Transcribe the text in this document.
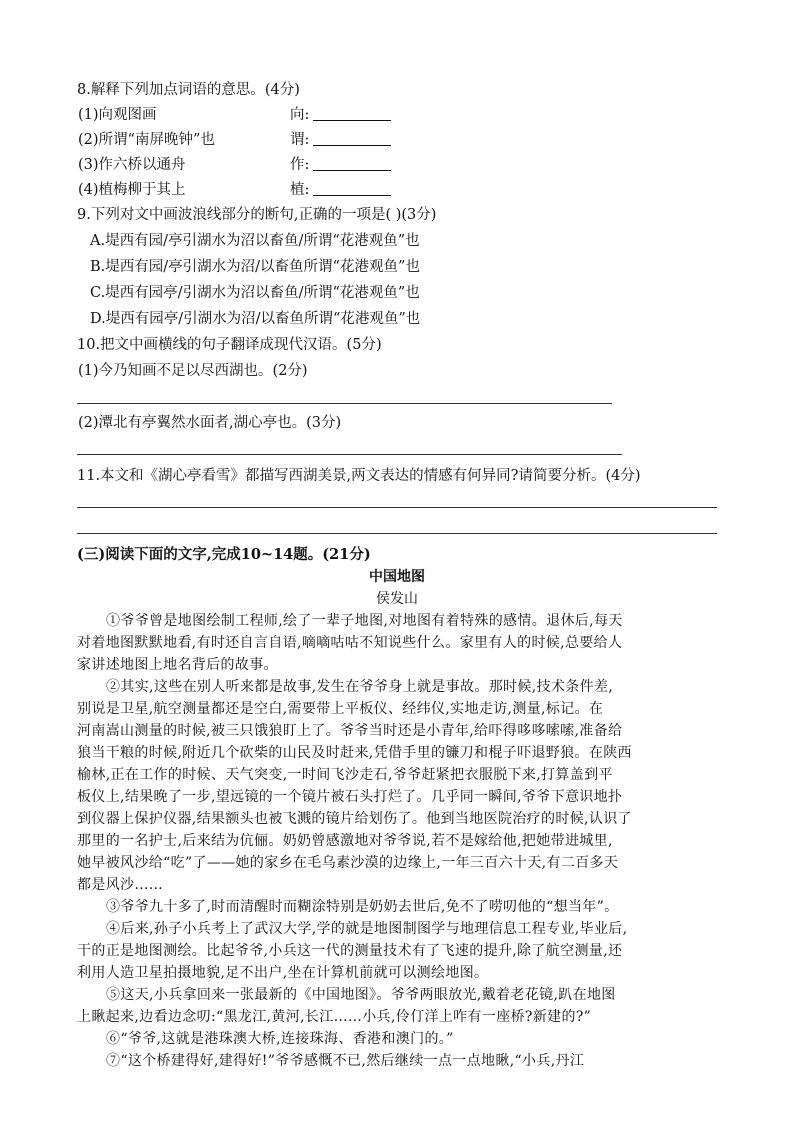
8.解释下列加点词语的意思。(4分)
(1)向观图画	向:
(2)所谓“南屏晚钟”也	谓:
(3)作六桥以通舟	作:
(4)植梅柳于其上	植:
9.下列对文中画波浪线部分的断句,正确的一项是( )(3分)
A.堤西有园/亭引湖水为沼以畜鱼/所谓“花港观鱼”也
B.堤西有园/亭引湖水为沼/以畜鱼所谓“花港观鱼”也
C.堤西有园亭/引湖水为沼以畜鱼/所谓“花港观鱼”也
D.堤西有园亭/引湖水为沼/以畜鱼所谓“花港观鱼”也
10.把文中画横线的句子翻译成现代汉语。(5分)
(1)今乃知画不足以尽西湖也。(2分)
(2)潭北有亭翼然水面者,湖心亭也。(3分)
11.本文和《湖心亭看雪》都描写西湖美景,两文表达的情感有何异同?请简要分析。(4分)
(三)阅读下面的文字,完成10~14题。(21分)
中国地图
侯发山
①爷爷曾是地图绘制工程师,绘了一辈子地图,对地图有着特殊的感情。退休后,每天
对着地图默默地看,有时还自言自语,嘀嘀咕咕不知说些什么。家里有人的时候,总要给人
家讲述地图上地名背后的故事。
②其实,这些在别人听来都是故事,发生在爷爷身上就是事故。那时候,技术条件差,
别说是卫星,航空测量都还是空白,需要带上平板仪、经纬仪,实地走访,测量,标记。在
河南嵩山测量的时候,被三只饿狼盯上了。爷爷当时还是小青年,给吓得哆哆嗦嗦,准备给
狼当干粮的时候,附近几个砍柴的山民及时赶来,凭借手里的镰刀和棍子吓退野狼。在陕西
榆林,正在工作的时候、天气突变,一时间飞沙走石,爷爷赶紧把衣服脱下来,打算盖到平
板仪上,结果晚了一步,望远镜的一个镜片被石头打烂了。几乎同一瞬间,爷爷下意识地扑
到仪器上保护仪器,结果额头也被飞溅的镜片给划伤了。他到当地医院治疗的时候,认识了
那里的一名护士,后来结为伉俪。奶奶曾感激地对爷爷说,若不是嫁给他,把她带进城里,
她早被风沙给“吃”了——她的家乡在毛乌素沙漠的边缘上,一年三百六十天,有二百多天
都是风沙……
③爷爷九十多了,时而清醒时而糊涂特别是奶奶去世后,免不了唠叨他的“想当年”。
④后来,孙子小兵考上了武汉大学,学的就是地图制图学与地理信息工程专业,毕业后,
干的正是地图测绘。比起爷爷,小兵这一代的测量技术有了飞速的提升,除了航空测量,还
利用人造卫星拍摄地貌,足不出户,坐在计算机前就可以测绘地图。
⑤这天,小兵拿回来一张最新的《中国地图》。爷爷两眼放光,戴着老花镜,趴在地图
上瞅起来,边看边念叨:“黑龙江,黄河,长江……小兵,伶仃洋上咋有一座桥?新建的?”
⑥“爷爷,这就是港珠澳大桥,连接珠海、香港和澳门的。”
⑦“这个桥建得好,建得好!”爷爷感慨不已,然后继续一点一点地瞅,“小兵,丹江
